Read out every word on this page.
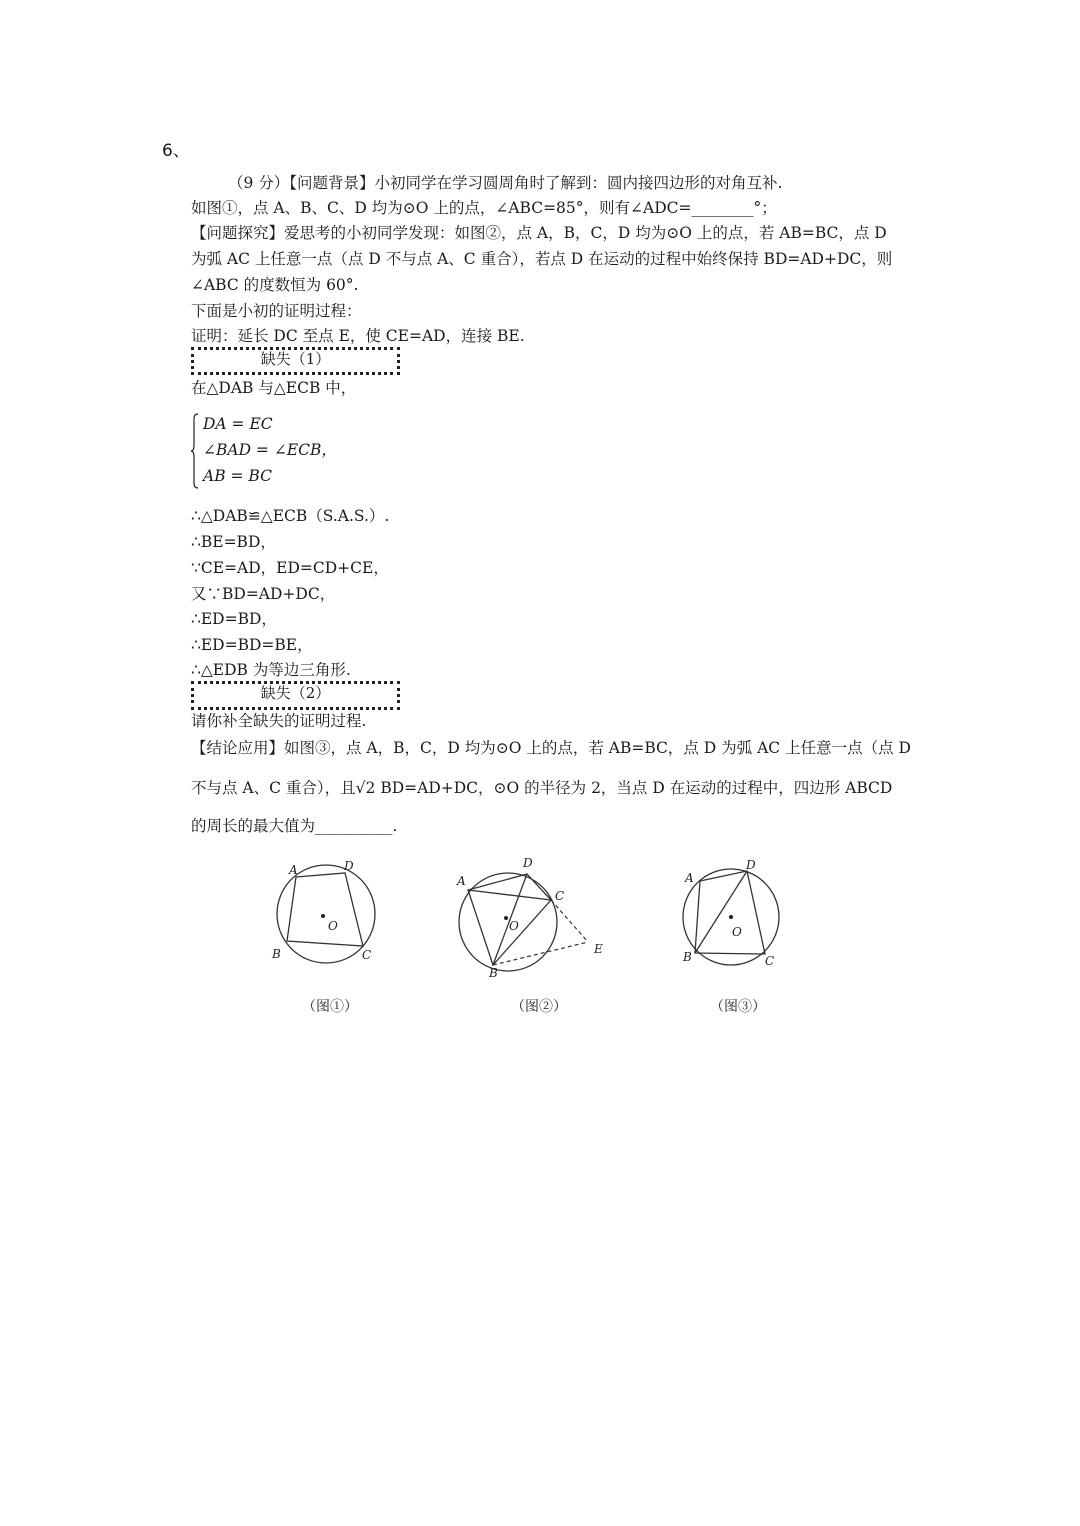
6、
（9 分）【问题背景】小初同学在学习圆周角时了解到：圆内接四边形的对角互补.
如图①，点 A、B、C、D 均为⊙O 上的点，∠ABC=85°，则有∠ADC=________°；
【问题探究】爱思考的小初同学发现：如图②，点 A，B，C，D 均为⊙O 上的点，若 AB=BC，点 D
为弧 AC 上任意一点（点 D 不与点 A、C 重合），若点 D 在运动的过程中始终保持 BD=AD+DC，则
∠ABC 的度数恒为 60°.
下面是小初的证明过程：
证明：延长 DC 至点 E，使 CE=AD，连接 BE.
缺失（1）
在△DAB 与△ECB 中，
DA = EC
∠BAD = ∠ECB，
AB = BC
∴△DAB≌△ECB（S.A.S.）.
∴BE=BD，
∵CE=AD，ED=CD+CE，
又∵BD=AD+DC，
∴ED=BD，
∴ED=BD=BE，
∴△EDB 为等边三角形.
缺失（2）
请你补全缺失的证明过程.
【结论应用】如图③，点 A，B，C，D 均为⊙O 上的点，若 AB=BC，点 D 为弧 AC 上任意一点（点 D
不与点 A、C 重合），且√2 BD=AD+DC，⊙O 的半径为 2，当点 D 在运动的过程中，四边形 ABCD
的周长的最大值为__________.
A	D
B	C
O
（图①）
A
D
C
B
E
O
（图②）
A
D
B	C
O
（图③）
